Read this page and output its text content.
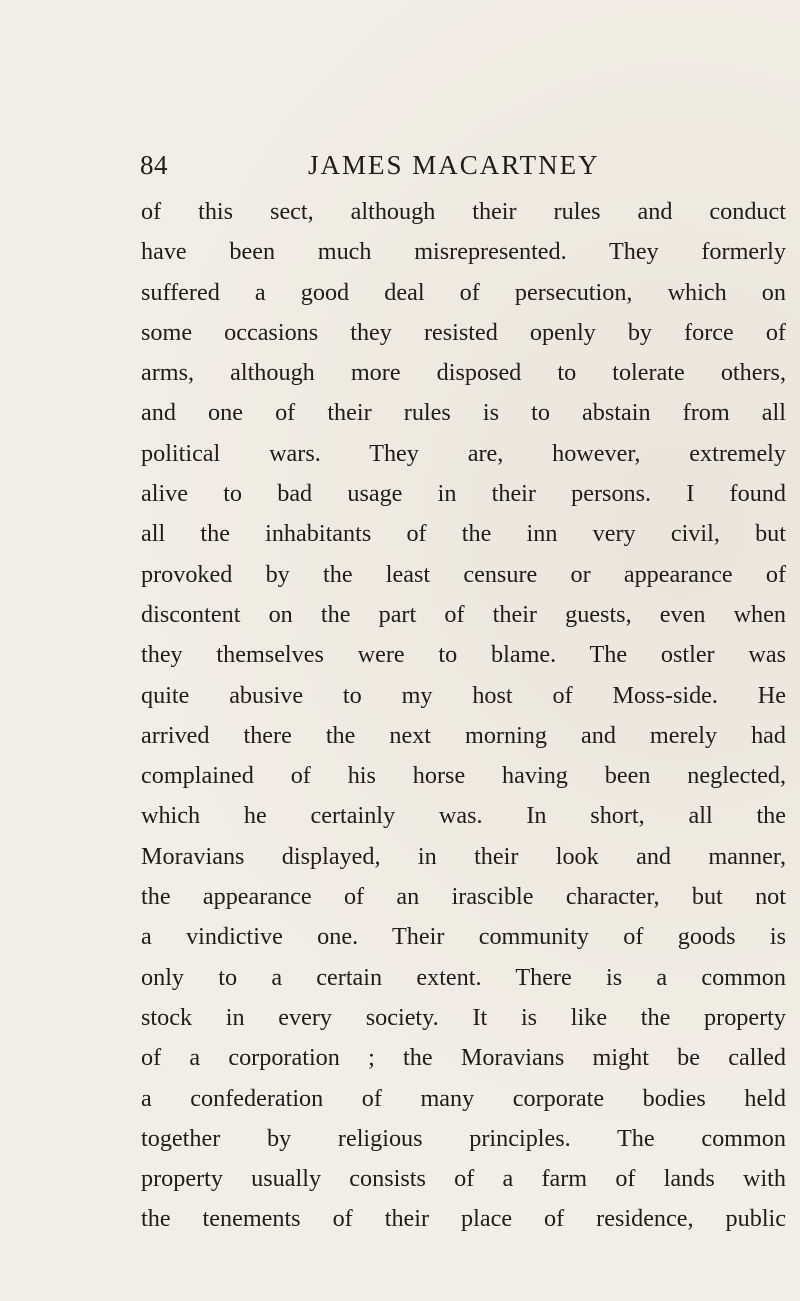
84	JAMES MACARTNEY
of this sect, although their rules and conduct
have been much misrepresented. They formerly
suffered a good deal of persecution, which on
some occasions they resisted openly by force of
arms, although more disposed to tolerate others,
and one of their rules is to abstain from all
political wars. They are, however, extremely
alive to bad usage in their persons. I found
all the inhabitants of the inn very civil, but
provoked by the least censure or appearance of
discontent on the part of their guests, even when
they themselves were to blame. The ostler was
quite abusive to my host of Moss-side. He
arrived there the next morning and merely had
complained of his horse having been neglected,
which he certainly was. In short, all the
Moravians displayed, in their look and manner,
the appearance of an irascible character, but not
a vindictive one. Their community of goods is
only to a certain extent. There is a common
stock in every society. It is like the property
of a corporation ; the Moravians might be called
a confederation of many corporate bodies held
together by religious principles. The common
property usually consists of a farm of lands with
the tenements of their place of residence, public
